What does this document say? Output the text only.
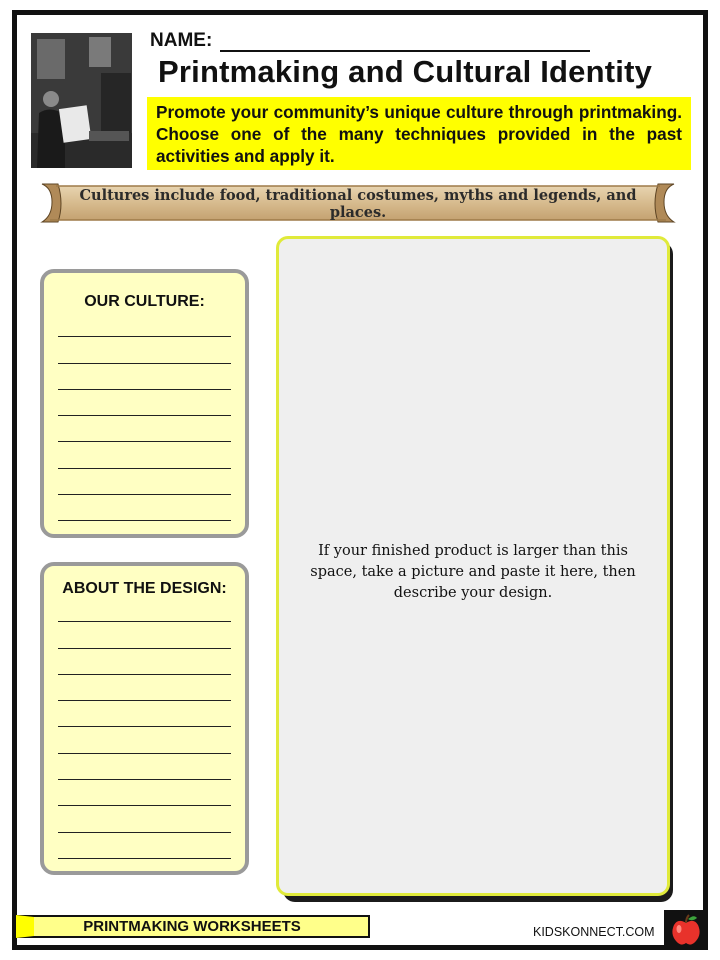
NAME:
Printmaking and Cultural Identity
Promote your community’s unique culture through printmaking. Choose one of the many techniques provided in the past activities and apply it.
Cultures include food, traditional costumes, myths and legends, and places.
OUR CULTURE:
ABOUT THE DESIGN:
If your finished product is larger than this space, take a picture and paste it here, then describe your design.
PRINTMAKING WORKSHEETS	KIDSKONNECT.COM
